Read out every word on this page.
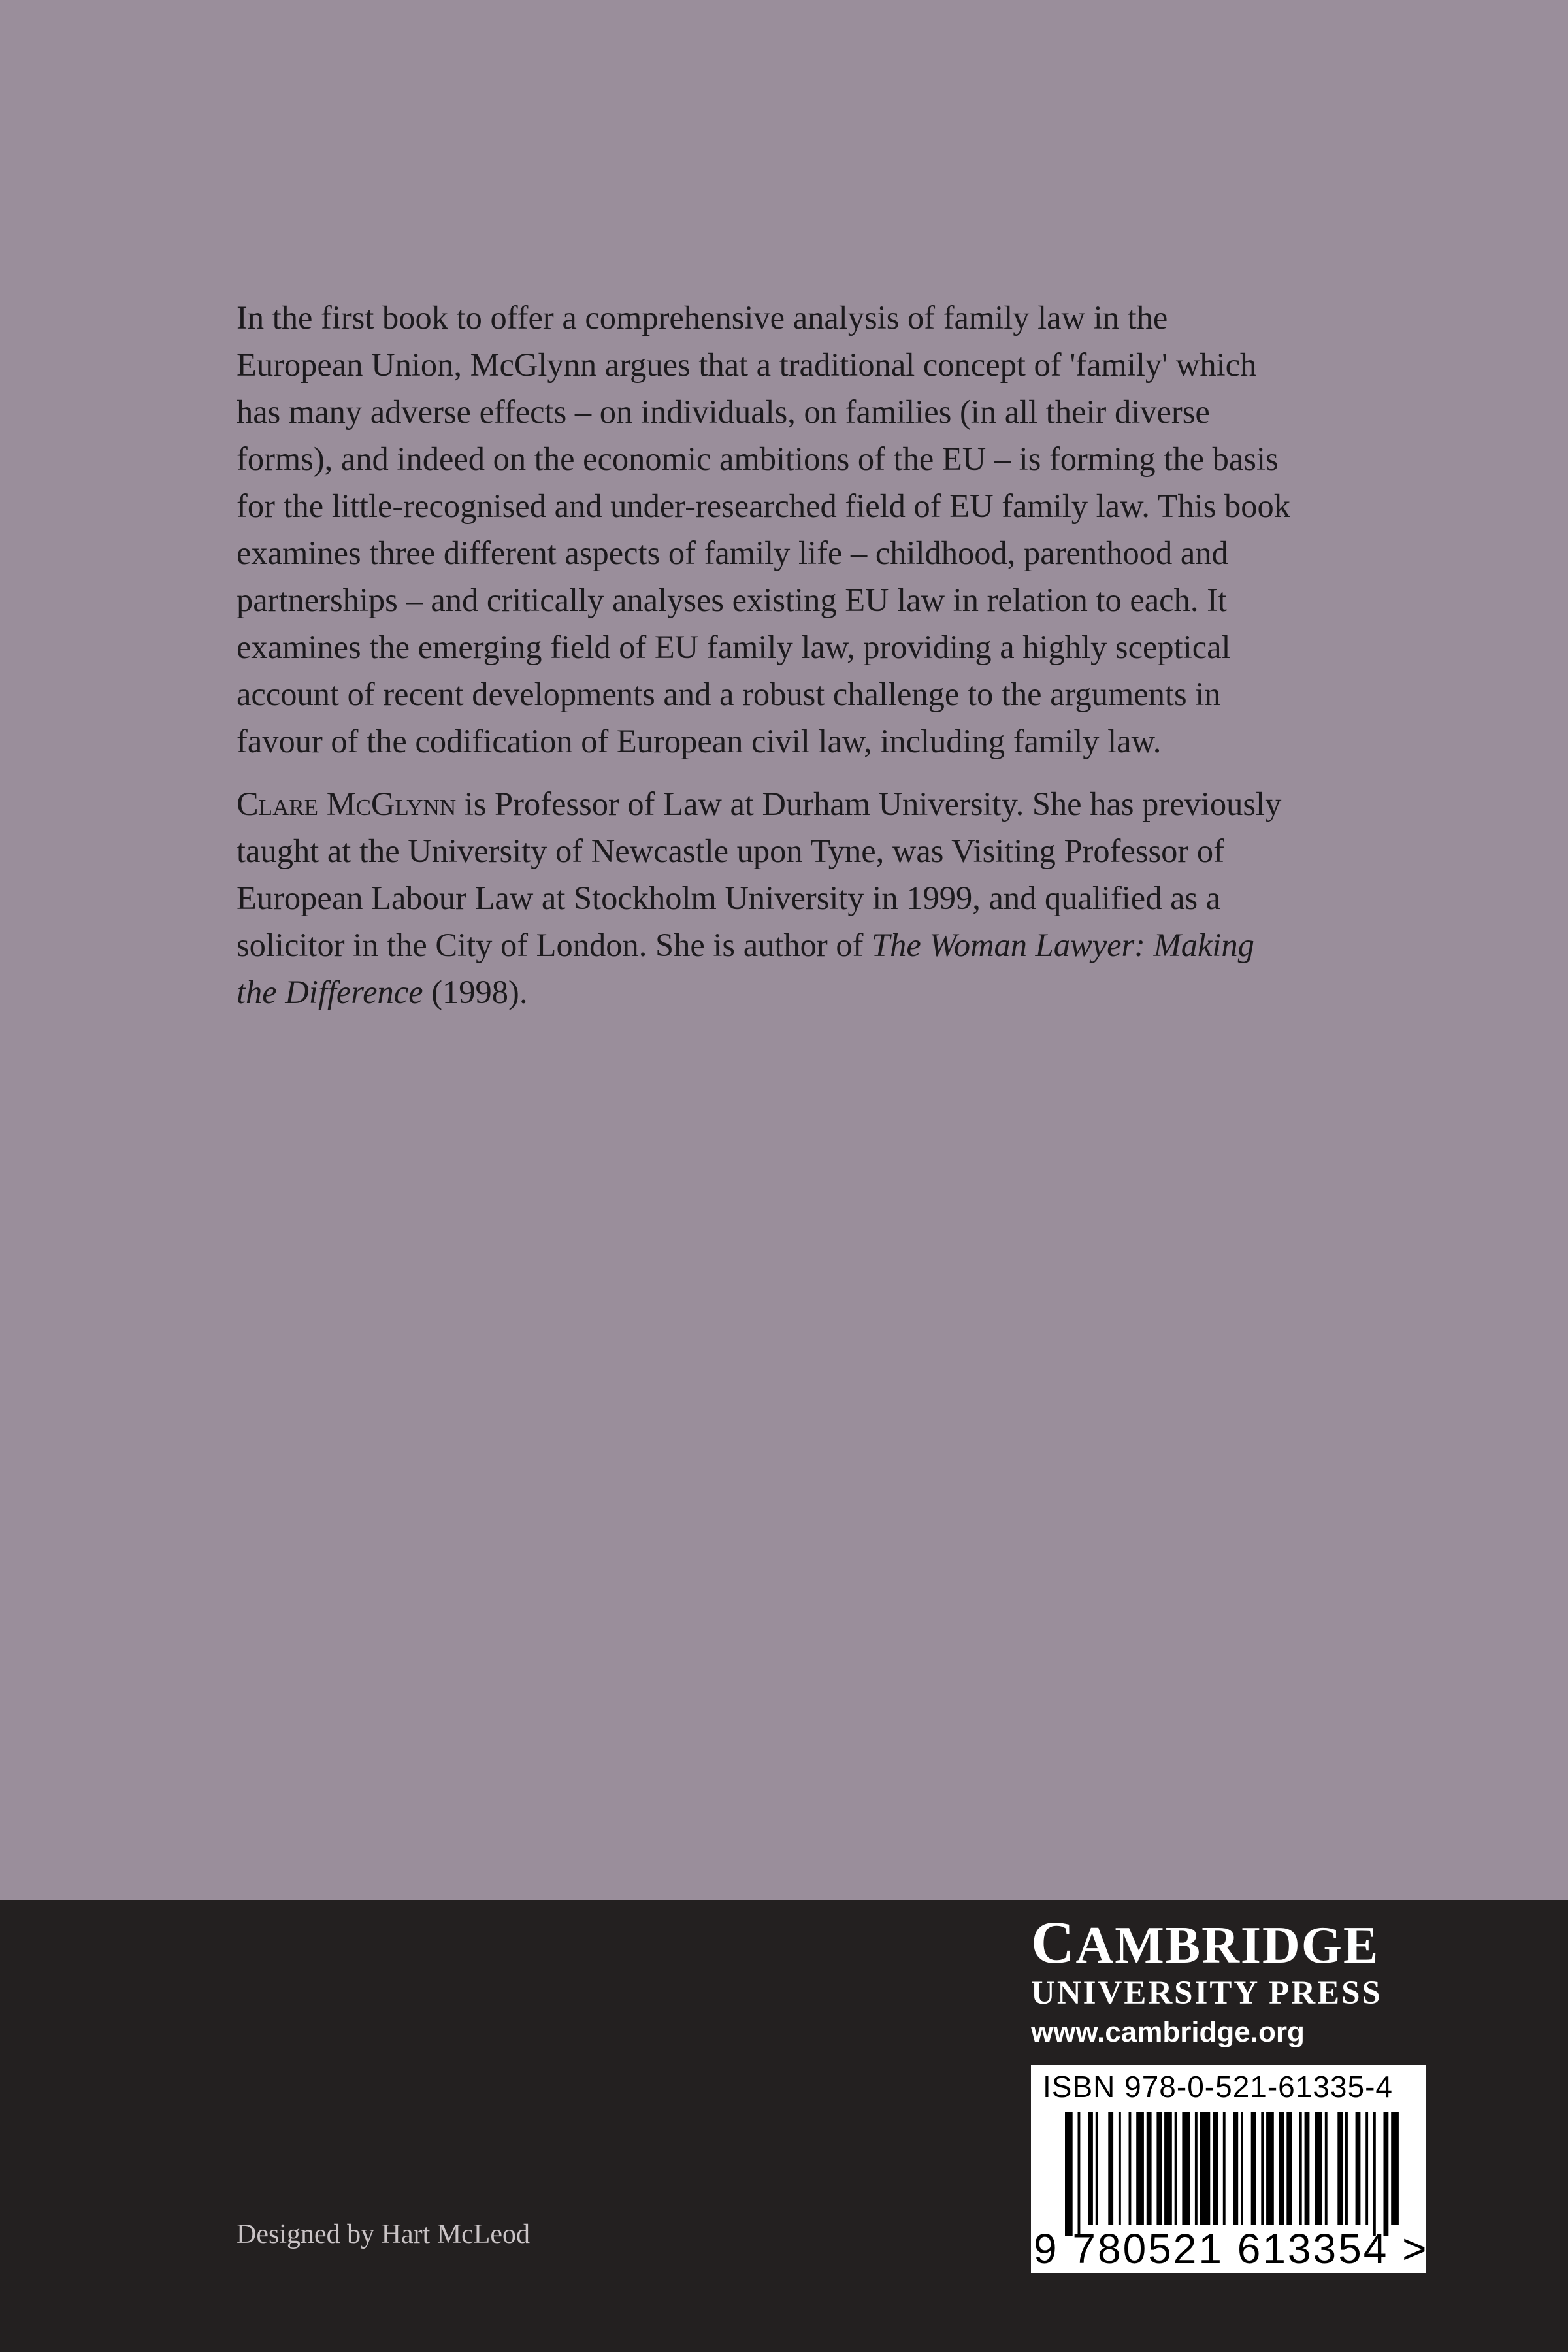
In the first book to offer a comprehensive analysis of family law in the European Union, McGlynn argues that a traditional concept of 'family' which has many adverse effects – on individuals, on families (in all their diverse forms), and indeed on the economic ambitions of the EU – is forming the basis for the little-recognised and under-researched field of EU family law. This book examines three different aspects of family life – childhood, parenthood and partnerships – and critically analyses existing EU law in relation to each. It examines the emerging field of EU family law, providing a highly sceptical account of recent developments and a robust challenge to the arguments in favour of the codification of European civil law, including family law.

Clare McGlynn is Professor of Law at Durham University. She has previously taught at the University of Newcastle upon Tyne, was Visiting Professor of European Labour Law at Stockholm University in 1999, and qualified as a solicitor in the City of London. She is author of The Woman Lawyer: Making the Difference (1998).

Designed by Hart McLeod
CAMBRIDGE
UNIVERSITY PRESS
www.cambridge.org
ISBN 978-0-521-61335-4
9 780521 613354 >
